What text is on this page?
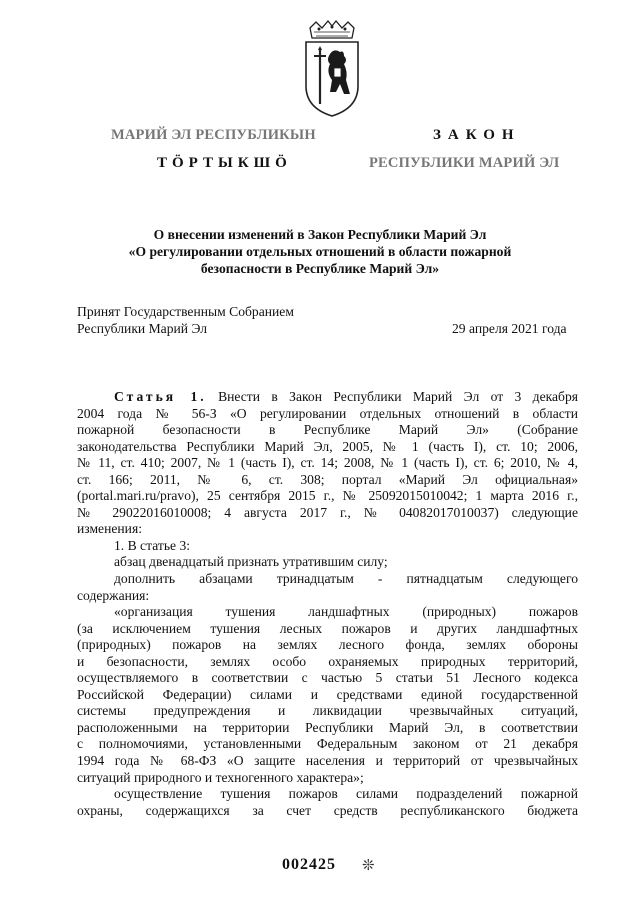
МАРИЙ ЭЛ РЕСПУБЛИКЫН
ТӦРТЫКШӦ
ЗАКОН
РЕСПУБЛИКИ МАРИЙ ЭЛ
О внесении изменений в Закон Республики Марий Эл
«О регулировании отдельных отношений в области пожарной
безопасности в Республике Марий Эл»
Принят Государственным Собранием
Республики Марий Эл	29 апреля 2021 года
Статья 1. Внести в Закон Республики Марий Эл от 3 декабря
2004 года № 56-З «О регулировании отдельных отношений в области
пожарной безопасности в Республике Марий Эл» (Собрание
законодательства Республики Марий Эл, 2005, № 1 (часть I), ст. 10; 2006,
№ 11, ст. 410; 2007, № 1 (часть I), ст. 14; 2008, № 1 (часть I), ст. 6; 2010, № 4,
ст. 166; 2011, № 6, ст. 308; портал «Марий Эл официальная»
(portal.mari.ru/pravo), 25 сентября 2015 г., № 25092015010042; 1 марта 2016 г.,
№ 29022016010008; 4 августа 2017 г., № 04082017010037) следующие
изменения:
1. В статье 3:
абзац двенадцатый признать утратившим силу;
дополнить абзацами тринадцатым - пятнадцатым следующего
содержания:
«организация тушения ландшафтных (природных) пожаров
(за исключением тушения лесных пожаров и других ландшафтных
(природных) пожаров на землях лесного фонда, землях обороны
и безопасности, землях особо охраняемых природных территорий,
осуществляемого в соответствии с частью 5 статьи 51 Лесного кодекса
Российской Федерации) силами и средствами единой государственной
системы предупреждения и ликвидации чрезвычайных ситуаций,
расположенными на территории Республики Марий Эл, в соответствии
с полномочиями, установленными Федеральным законом от 21 декабря
1994 года № 68-ФЗ «О защите населения и территорий от чрезвычайных
ситуаций природного и техногенного характера»;
осуществление тушения пожаров силами подразделений пожарной
охраны, содержащихся за счет средств республиканского бюджета
002425 ❊
